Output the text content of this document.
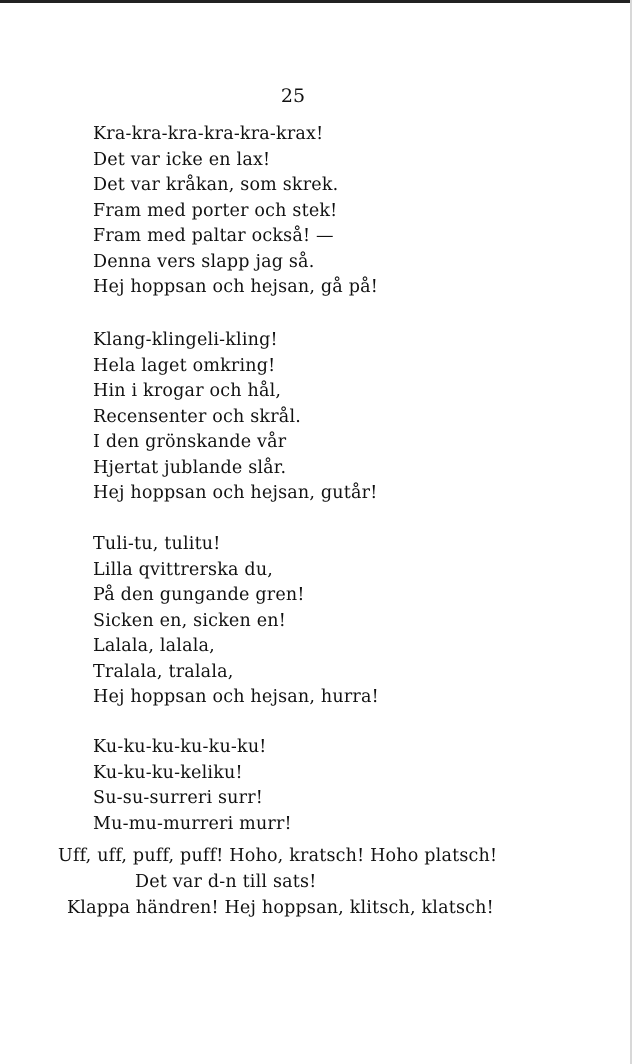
25
Kra-kra-kra-kra-kra-krax!
Det var icke en lax!
Det var kråkan, som skrek.
Fram med porter och stek!
Fram med paltar också! —
Denna vers slapp jag så.
Hej hoppsan och hejsan, gå på!
Klang-klingeli-kling!
Hela laget omkring!
Hin i krogar och hål,
Recensenter och skrål.
I den grönskande vår
Hjertat jublande slår.
Hej hoppsan och hejsan, gutår!
Tuli-tu, tulitu!
Lilla qvittrerska du,
På den gungande gren!
Sicken en, sicken en!
Lalala, lalala,
Tralala, tralala,
Hej hoppsan och hejsan, hurra!
Ku-ku-ku-ku-ku-ku!
Ku-ku-ku-keliku!
Su-su-surreri surr!
Mu-mu-murreri murr!
Uff, uff, puff, puff! Hoho, kratsch! Hoho platsch!
Det var d-n till sats!
Klappa händren! Hej hoppsan, klitsch, klatsch!
